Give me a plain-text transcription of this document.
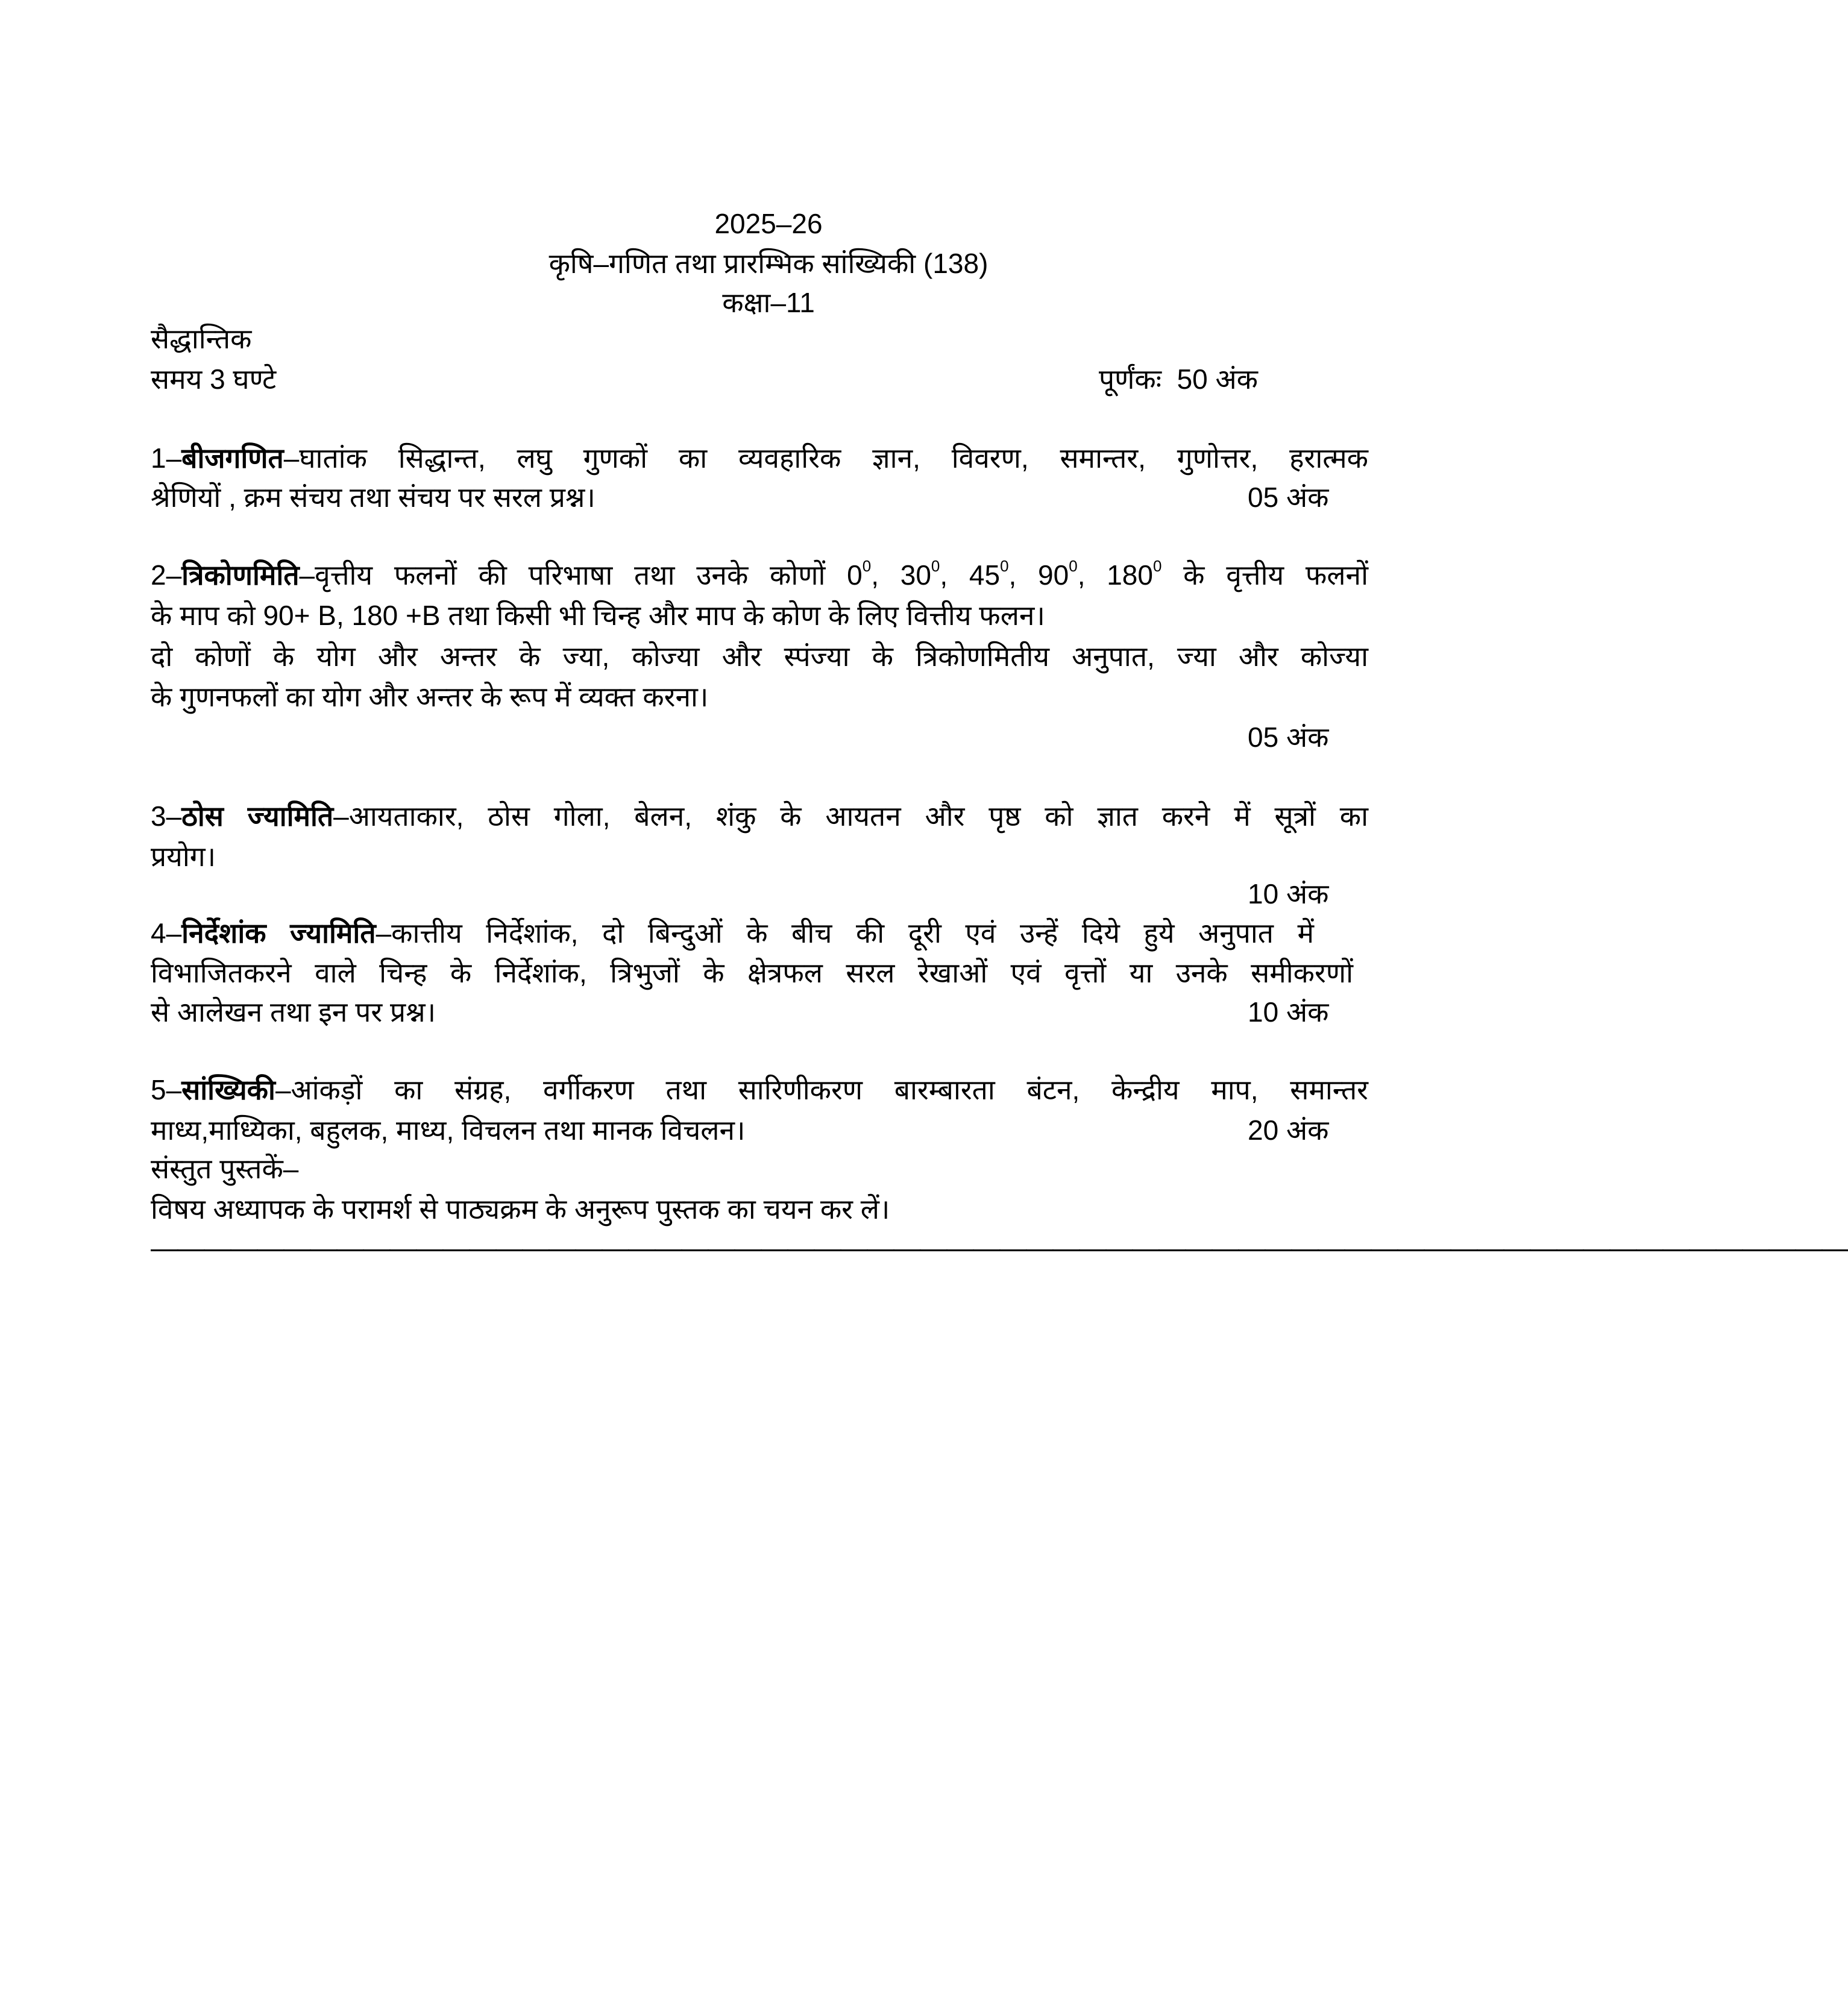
2025–26
कृषि–गणित तथा प्रारम्भिक सांख्यिकी (138)
कक्षा–11
सैद्धान्तिक
समय 3 घण्टे	पूर्णंकः 50 अंक
1–बीजगणित–घातांक सिद्धान्त, लघु गुणकों का व्यवहारिक ज्ञान, विवरण, समान्तर, गुणोत्तर, हरात्मक
श्रेणियों , क्रम संचय तथा संचय पर सरल प्रश्न।	05 अंक
2–त्रिकोणमिति–वृत्तीय फलनों की परिभाषा तथा उनके कोणों $0^0$, $30^0$, $45^0$, $90^0$, $180^0$ के वृत्तीय फलनों
के माप को 90+ B, 180 +B तथा किसी भी चिन्ह और माप के कोण के लिए वित्तीय फलन।
दो कोणों के योग और अन्तर के ज्या, कोज्या और स्पंज्या के त्रिकोणमितीय अनुपात, ज्या और कोज्या
के गुणनफलों का योग और अन्तर के रूप में व्यक्त करना।
05 अंक
3–ठोस ज्यामिति–आयताकार, ठोस गोला, बेलन, शंकु के आयतन और पृष्ठ को ज्ञात करने में सूत्रों का
प्रयोग।
10 अंक
4–निर्देशांक ज्यामिति–कात्तीय निर्देशांक, दो बिन्दुओं के बीच की दूरी एवं उन्हें दिये हुये अनुपात में
विभाजितकरने वाले चिन्ह के निर्देशांक, त्रिभुजों के क्षेत्रफल सरल रेखाओं एवं वृत्तों या उनके समीकरणों
से आलेखन तथा इन पर प्रश्न।	10 अंक
5–सांख्यिकी–आंकड़ों का संग्रह, वर्गीकरण तथा सारिणीकरण बारम्बारता बंटन, केन्द्रीय माप, समान्तर
माध्य,माध्यिका, बहुलक, माध्य, विचलन तथा मानक विचलन।	20 अंक
संस्तुत पुस्तकें–
विषय अध्यापक के परामर्श से पाठ्यक्रम के अनुरूप पुस्तक का चयन कर लें।
————————————————————————————————————————————————————————————————
